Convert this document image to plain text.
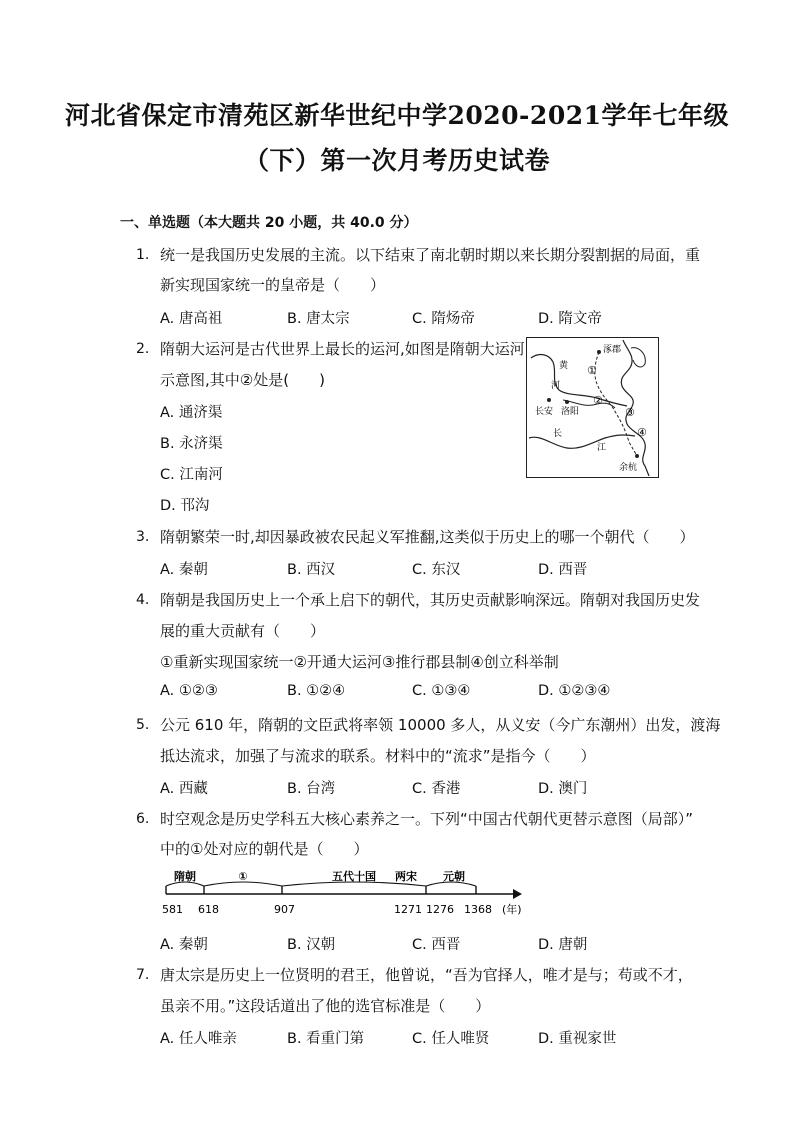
河北省保定市清苑区新华世纪中学2020-2021学年七年级
（下）第一次月考历史试卷
一、单选题（本大题共 20 小题，共 40.0 分）
1. 统一是我国历史发展的主流。以下结束了南北朝时期以来长期分裂割据的局面，重
新实现国家统一的皇帝是（　　）
A. 唐高祖	B. 唐太宗	C. 隋炀帝	D. 隋文帝
2. 隋朝大运河是古代世界上最长的运河,如图是隋朝大运河
示意图,其中②处是(　　)
A. 通济渠
B. 永济渠
C. 江南河
D. 邗沟
涿郡
黄
河
长安 洛阳
长
江
余杭
①
②
③
④
3. 隋朝繁荣一时,却因暴政被农民起义军推翻,这类似于历史上的哪一个朝代（　　）
A. 秦朝	B. 西汉	C. 东汉	D. 西晋
4. 隋朝是我国历史上一个承上启下的朝代，其历史贡献影响深远。隋朝对我国历史发
展的重大贡献有（　　）
①重新实现国家统一②开通大运河③推行郡县制④创立科举制
A. ①②③	B. ①②④	C. ①③④	D. ①②③④
5. 公元 610 年，隋朝的文臣武将率领 10000 多人，从义安（今广东潮州）出发，渡海
抵达流求，加强了与流求的联系。材料中的“流求”是指今（　　）
A. 西藏	B. 台湾	C. 香港	D. 澳门
6. 时空观念是历史学科五大核心素养之一。下列“中国古代朝代更替示意图（局部）”
中的①处对应的朝代是（　　）
隋朝	①	五代十国 两宋 元朝
581 618	907	1271 1276 1368 (年)
A. 秦朝	B. 汉朝	C. 西晋	D. 唐朝
7. 唐太宗是历史上一位贤明的君王，他曾说，“吾为官择人，唯才是与；苟或不才，
虽亲不用。”这段话道出了他的选官标准是（　　）
A. 任人唯亲	B. 看重门第	C. 任人唯贤	D. 重视家世
